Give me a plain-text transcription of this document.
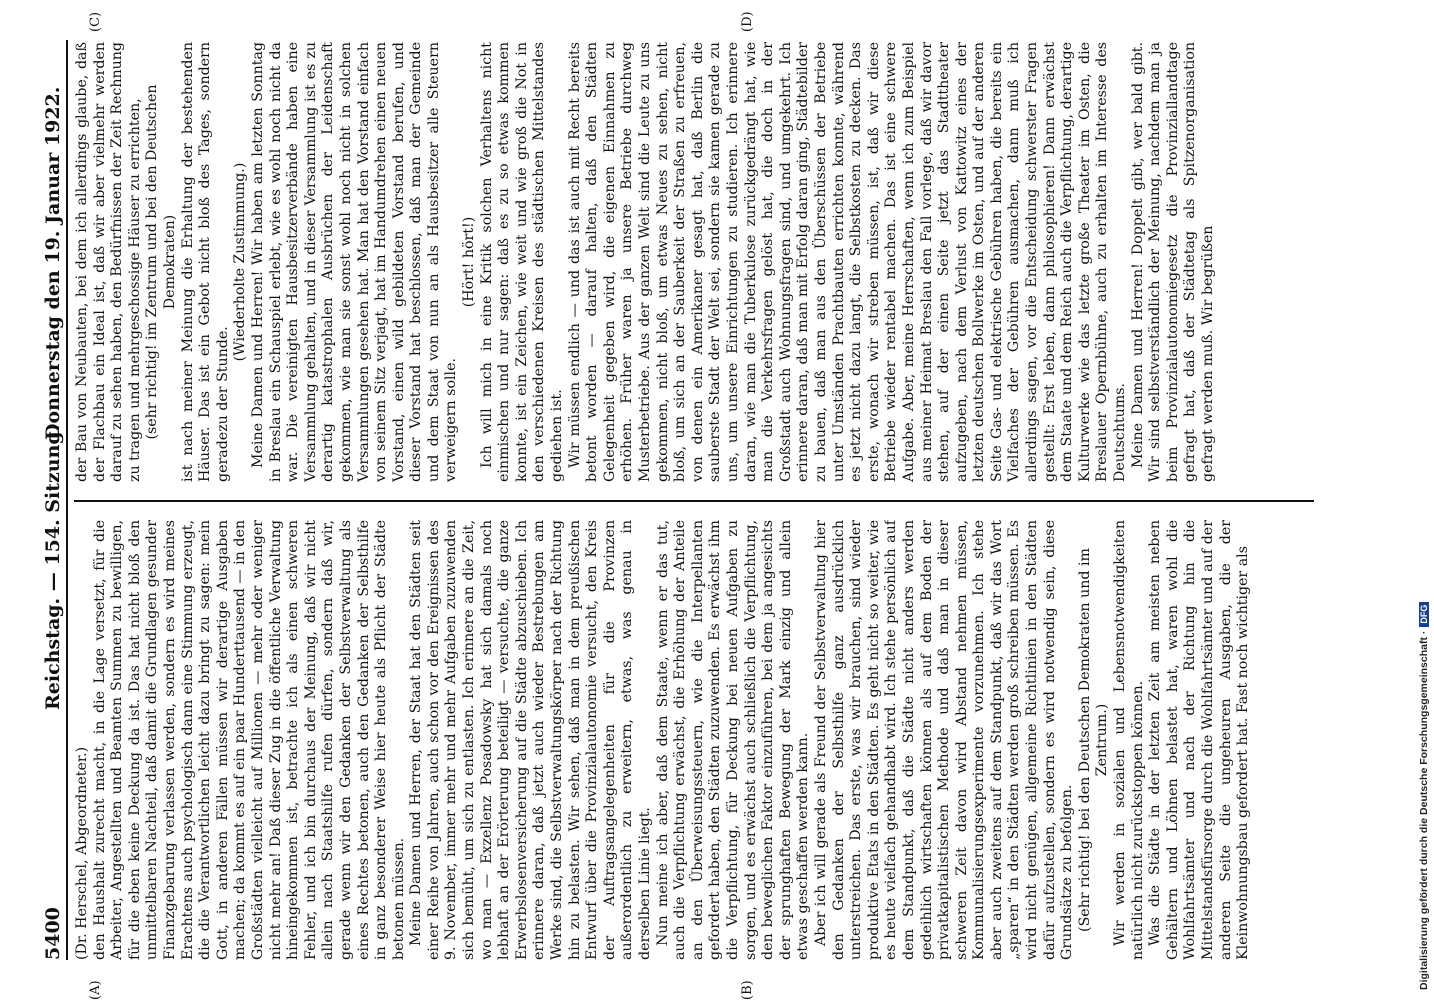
5400
Reichstag. — 154. Sitzung.
Donnerstag den 19. Januar 1922.
(A)	(B)
(C)	(D)

(Dr. Herschel, Abgeordneter.) den Haushalt zurecht macht, in die Lage versetzt, für die Arbeiter, Angestellten und Beamten Summen zu bewilligen, für die eben keine Deckung da ist. Das hat nicht bloß den unmittelbaren Nachteil, daß damit die Grundlagen gesunder Finanzgebarung verlassen werden, sondern es wird meines Erachtens auch psychologisch dann eine Stimmung erzeugt, die die Verantwortlichen leicht dazu bringt zu sagen: mein Gott, in anderen Fällen müssen wir derartige Ausgaben machen; da kommt es auf ein paar Hunderttausend — in den Großstädten vielleicht auf Millionen — mehr oder weniger nicht mehr an! Daß dieser Zug in die öffentliche Verwaltung hineingekommen ist, betrachte ich als einen schweren Fehler, und ich bin durchaus der Meinung, daß wir nicht allein nach Staatshilfe rufen dürfen, sondern daß wir, gerade wenn wir den Gedanken der Selbstverwaltung als eines Rechtes betonen, auch den Gedanken der Selbsthilfe in ganz besonderer Weise hier heute als Pflicht der Städte betonen müssen. Meine Damen und Herren, der Staat hat den Städten seit einer Reihe von Jahren, auch schon vor den Ereignissen des 9. November, immer mehr und mehr Aufgaben zuzuwenden sich bemüht, um sich zu entlasten. Ich erinnere an die Zeit, wo man — Exzellenz Posadowsky hat sich damals noch lebhaft an der Erörterung beteiligt — versuchte, die ganze Erwerbslosenversicherung auf die Städte abzuschieben. Ich erinnere daran, daß jetzt auch wieder Bestrebungen am Werke sind, die Selbstverwaltungskörper nach der Richtung hin zu belasten. Wir sehen, daß man in dem preußischen Entwurf über die Provinzialautonomie versucht, den Kreis der Auftragsangelegenheiten für die Provinzen außerordentlich zu erweitern, etwas, was genau in derselben Linie liegt. Nun meine ich aber, daß dem Staate, wenn er das tut, auch die Verpflichtung erwächst, die Erhöhung der Anteile an den Überweisungssteuern, wie die Interpellanten gefordert haben, den Städten zuzuwenden. Es erwächst ihm die Verpflichtung, für Deckung bei neuen Aufgaben zu sorgen, und es erwächst auch schließlich die Verpflichtung, den beweglichen Faktor einzuführen, bei dem ja angesichts der sprunghaften Bewegung der Mark einzig und allein etwas geschaffen werden kann. Aber ich will gerade als Freund der Selbstverwaltung hier den Gedanken der Selbsthilfe ganz ausdrücklich unterstreichen. Das erste, was wir brauchen, sind wieder produktive Etats in den Städten. Es geht nicht so weiter, wie es heute vielfach gehandhabt wird. Ich stehe persönlich auf dem Standpunkt, daß die Städte nicht anders werden gedeihlich wirtschaften können als auf dem Boden der privatkapitalistischen Methode und daß man in dieser schweren Zeit davon wird Abstand nehmen müssen, Kommunalisierungsexperimente vorzunehmen. Ich stehe aber auch zweitens auf dem Standpunkt, daß wir das Wort „sparen“ in den Städten werden groß schreiben müssen. Es wird nicht genügen, allgemeine Richtlinien in den Städten dafür aufzustellen, sondern es wird notwendig sein, diese Grundsätze zu befolgen. (Sehr richtig! bei den Deutschen Demokraten und im Zentrum.) Wir werden in sozialen und Lebensnotwendigkeiten natürlich nicht zurückstoppen können. Was die Städte in der letzten Zeit am meisten neben Gehältern und Löhnen belastet hat, waren wohl die Wohlfahrtsämter und nach der Richtung hin die Mittelstandsfürsorge durch die Wohlfahrtsämter und auf der anderen Seite die ungeheuren Ausgaben, die der Kleinwohnungsbau gefordert hat. Fast noch wichtiger als

der Bau von Neubauten, bei dem ich allerdings glaube, daß der Flachbau ein Ideal ist, daß wir aber vielmehr werden darauf zu sehen haben, den Bedürfnissen der Zeit Rechnung zu tragen und mehrgeschossige Häuser zu errichten, (sehr richtig! im Zentrum und bei den Deutschen Demokraten) ist nach meiner Meinung die Erhaltung der bestehenden Häuser. Das ist ein Gebot nicht bloß des Tages, sondern geradezu der Stunde.

(Wiederholte Zustimmung.) Meine Damen und Herren! Wir haben am letzten Sonntag in Breslau ein Schauspiel erlebt, wie es wohl noch nicht da war. Die vereinigten Hausbesitzerverbände haben eine Versammlung gehalten, und in dieser Versammlung ist es zu derartig katastrophalen Ausbrüchen der Leidenschaft gekommen, wie man sie sonst wohl noch nicht in solchen Versammlungen gesehen hat. Man hat den Vorstand einfach von seinem Sitz verjagt, hat im Handumdrehen einen neuen Vorstand, einen wild gebildeten Vorstand berufen, und dieser Vorstand hat beschlossen, daß man der Gemeinde und dem Staat von nun an als Hausbesitzer alle Steuern verweigern solle.

(Hört! hört!) Ich will mich in eine Kritik solchen Verhaltens nicht einmischen und nur sagen: daß es zu so etwas kommen konnte, ist ein Zeichen, wie weit und wie groß die Not in den verschiedenen Kreisen des städtischen Mittelstandes gediehen ist. Wir müssen endlich — und das ist auch mit Recht bereits betont worden — darauf halten, daß den Städten Gelegenheit gegeben wird, die eigenen Einnahmen zu erhöhen. Früher waren ja unsere Betriebe durchweg Musterbetriebe. Aus der ganzen Welt sind die Leute zu uns gekommen, nicht bloß, um etwas Neues zu sehen, nicht bloß, um sich an der Sauberkeit der Straßen zu erfreuen, von denen ein Amerikaner gesagt hat, daß Berlin die sauberste Stadt der Welt sei, sondern sie kamen gerade zu uns, um unsere Einrichtungen zu studieren. Ich erinnere daran, wie man die Tuberkulose zurückgedrängt hat, wie man die Verkehrsfragen gelöst hat, die doch in der Großstadt auch Wohnungsfragen sind, und umgekehrt. Ich erinnere daran, daß man mit Erfolg daran ging, Städtebilder zu bauen, daß man aus den Überschüssen der Betriebe unter Umständen Prachtbauten errichten konnte, während es jetzt nicht dazu langt, die Selbstkosten zu decken. Das erste, wonach wir streben müssen, ist, daß wir diese Betriebe wieder rentabel machen. Das ist eine schwere Aufgabe. Aber, meine Herrschaften, wenn ich zum Beispiel aus meiner Heimat Breslau den Fall vorlege, daß wir davor stehen, auf der einen Seite jetzt das Stadttheater aufzugeben, nach dem Verlust von Kattowitz eines der letzten deutschen Bollwerke im Osten, und auf der anderen Seite Gas- und elektrische Gebühren haben, die bereits ein Vielfaches der Gebühren ausmachen, dann muß ich allerdings sagen, vor die Entscheidung schwerster Fragen gestellt: Erst leben, dann philosophieren! Dann erwächst dem Staate und dem Reich auch die Verpflichtung, derartige Kulturwerke wie das letzte große Theater im Osten, die Breslauer Opernbühne, auch zu erhalten im Interesse des Deutschtums. Meine Damen und Herren! Doppelt gibt, wer bald gibt. Wir sind selbstverständlich der Meinung, nachdem man ja beim Provinzialautonomiegesetz die Provinziallandtage gefragt hat, daß der Städtetag als Spitzenorganisation gefragt werden muß. Wir begrüßen

Digitalisierung gefördert durch die Deutsche Forschungsgemeinschaft ·DFG
